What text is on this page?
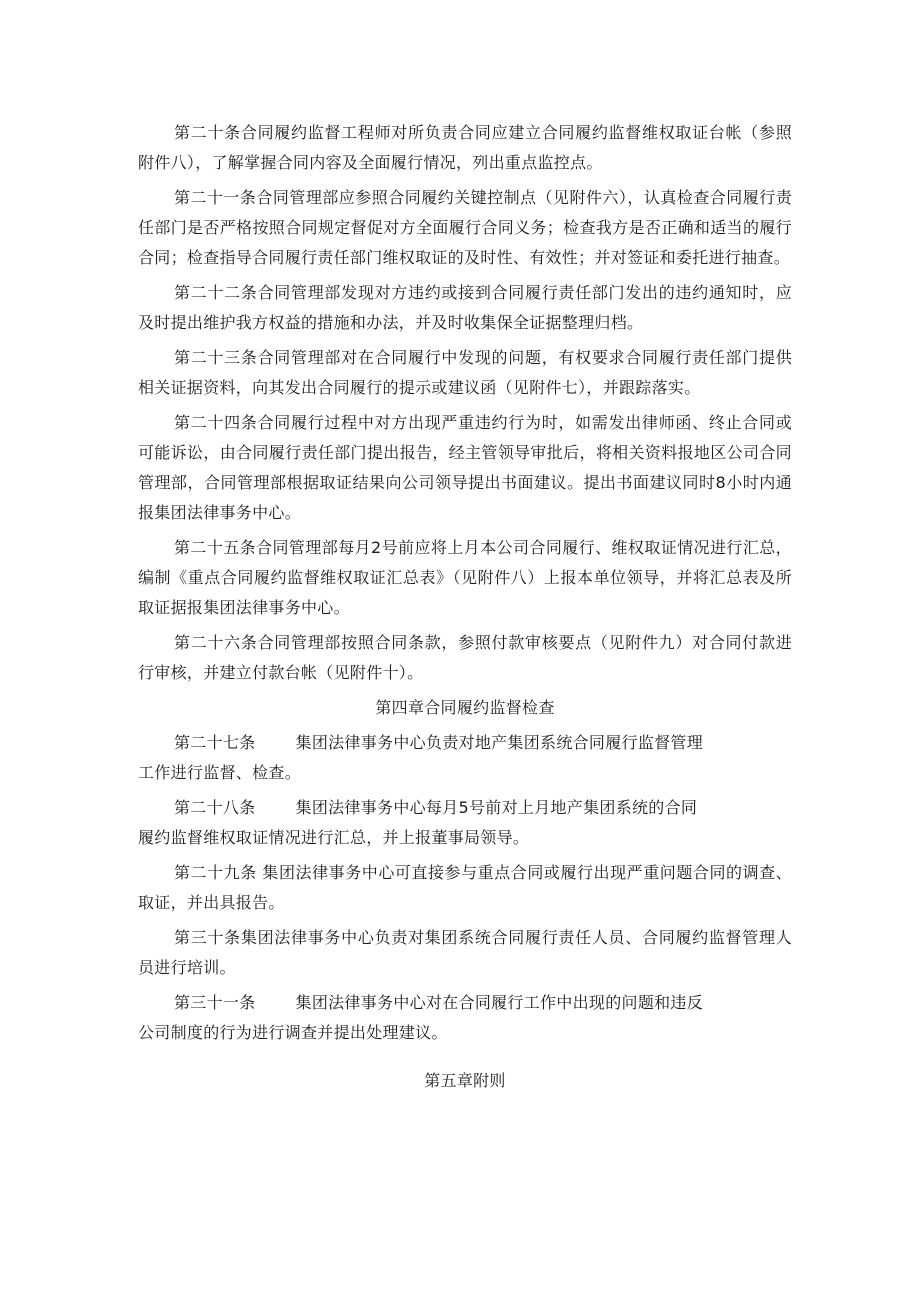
第二十条合同履约监督工程师对所负责合同应建立合同履约监督维权取证台帐（参照附件八），了解掌握合同内容及全面履行情况，列出重点监控点。

第二十一条合同管理部应参照合同履约关键控制点（见附件六），认真检查合同履行责任部门是否严格按照合同规定督促对方全面履行合同义务；检查我方是否正确和适当的履行合同；检查指导合同履行责任部门维权取证的及时性、有效性；并对签证和委托进行抽查。

第二十二条合同管理部发现对方违约或接到合同履行责任部门发出的违约通知时，应及时提出维护我方权益的措施和办法，并及时收集保全证据整理归档。

第二十三条合同管理部对在合同履行中发现的问题，有权要求合同履行责任部门提供相关证据资料，向其发出合同履行的提示或建议函（见附件七），并跟踪落实。

第二十四条合同履行过程中对方出现严重违约行为时，如需发出律师函、终止合同或可能诉讼，由合同履行责任部门提出报告，经主管领导审批后，将相关资料报地区公司合同管理部，合同管理部根据取证结果向公司领导提出书面建议。提出书面建议同时8小时内通报集团法律事务中心。

第二十五条合同管理部每月2号前应将上月本公司合同履行、维权取证情况进行汇总，编制《重点合同履约监督维权取证汇总表》（见附件八）上报本单位领导，并将汇总表及所取证据报集团法律事务中心。

第二十六条合同管理部按照合同条款，参照付款审核要点（见附件九）对合同付款进行审核，并建立付款台帐（见附件十）。

第四章合同履约监督检查

第二十七条	集团法律事务中心负责对地产集团系统合同履行监督管理
工作进行监督、检查。

第二十八条	集团法律事务中心每月5号前对上月地产集团系统的合同
履约监督维权取证情况进行汇总，并上报董事局领导。

第二十九条 集团法律事务中心可直接参与重点合同或履行出现严重问题合同的调查、取证，并出具报告。

第三十条集团法律事务中心负责对集团系统合同履行责任人员、合同履约监督管理人员进行培训。

第三十一条	集团法律事务中心对在合同履行工作中出现的问题和违反
公司制度的行为进行调查并提出处理建议。

第五章附则
